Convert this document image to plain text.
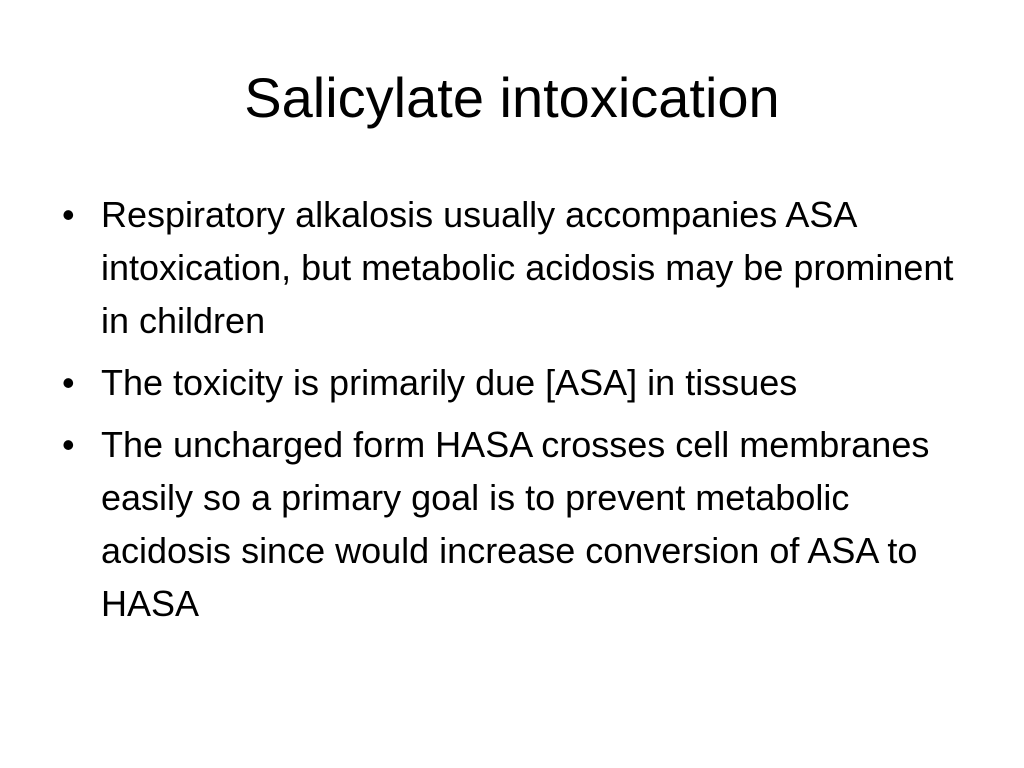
Salicylate intoxication
• Respiratory alkalosis usually accompanies ASA intoxication, but metabolic acidosis may be prominent in children
• The toxicity is primarily due [ASA] in tissues
• The uncharged form HASA crosses cell membranes easily so a primary goal is to prevent metabolic acidosis since would increase conversion of ASA to HASA
